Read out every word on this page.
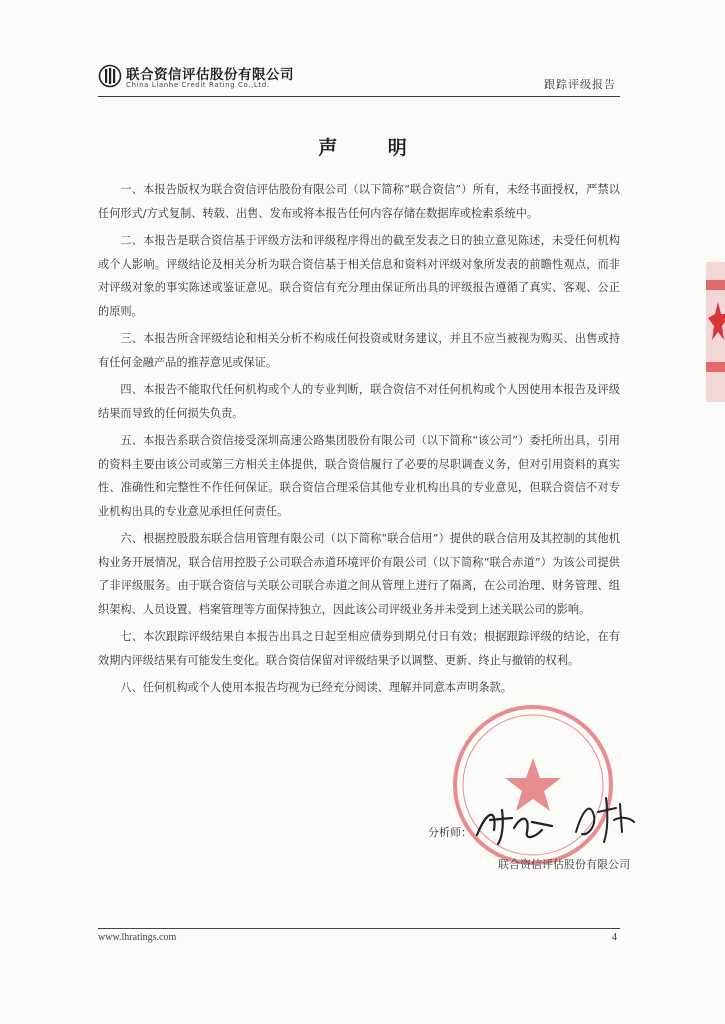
联合资信评估股份有限公司
China Lianhe Credit Rating Co.,Ltd.	跟踪评级报告
声 明

一、本报告版权为联合资信评估股份有限公司（以下简称“联合资信”）所有，未经书面授权，严禁以任何形式/方式复制、转载、出售、发布或将本报告任何内容存储在数据库或检索系统中。

二、本报告是联合资信基于评级方法和评级程序得出的截至发表之日的独立意见陈述，未受任何机构或个人影响。评级结论及相关分析为联合资信基于相关信息和资料对评级对象所发表的前瞻性观点，而非对评级对象的事实陈述或鉴证意见。联合资信有充分理由保证所出具的评级报告遵循了真实、客观、公正的原则。

三、本报告所含评级结论和相关分析不构成任何投资或财务建议，并且不应当被视为购买、出售或持有任何金融产品的推荐意见或保证。

四、本报告不能取代任何机构或个人的专业判断，联合资信不对任何机构或个人因使用本报告及评级结果而导致的任何损失负责。

五、本报告系联合资信接受深圳高速公路集团股份有限公司（以下简称“该公司”）委托所出具，引用的资料主要由该公司或第三方相关主体提供，联合资信履行了必要的尽职调查义务，但对引用资料的真实性、准确性和完整性不作任何保证。联合资信合理采信其他专业机构出具的专业意见，但联合资信不对专业机构出具的专业意见承担任何责任。

六、根据控股股东联合信用管理有限公司（以下简称“联合信用”）提供的联合信用及其控制的其他机构业务开展情况，联合信用控股子公司联合赤道环境评价有限公司（以下简称“联合赤道”）为该公司提供了非评级服务。由于联合资信与关联公司联合赤道之间从管理上进行了隔离，在公司治理、财务管理、组织架构、人员设置、档案管理等方面保持独立，因此该公司评级业务并未受到上述关联公司的影响。

七、本次跟踪评级结果自本报告出具之日起至相应债券到期兑付日有效；根据跟踪评级的结论，在有效期内评级结果有可能发生变化。联合资信保留对评级结果予以调整、更新、终止与撤销的权利。

八、任何机构或个人使用本报告均视为已经充分阅读、理解并同意本声明条款。

分析师：
联合资信评估股份有限公司
www.lhratings.com	4
